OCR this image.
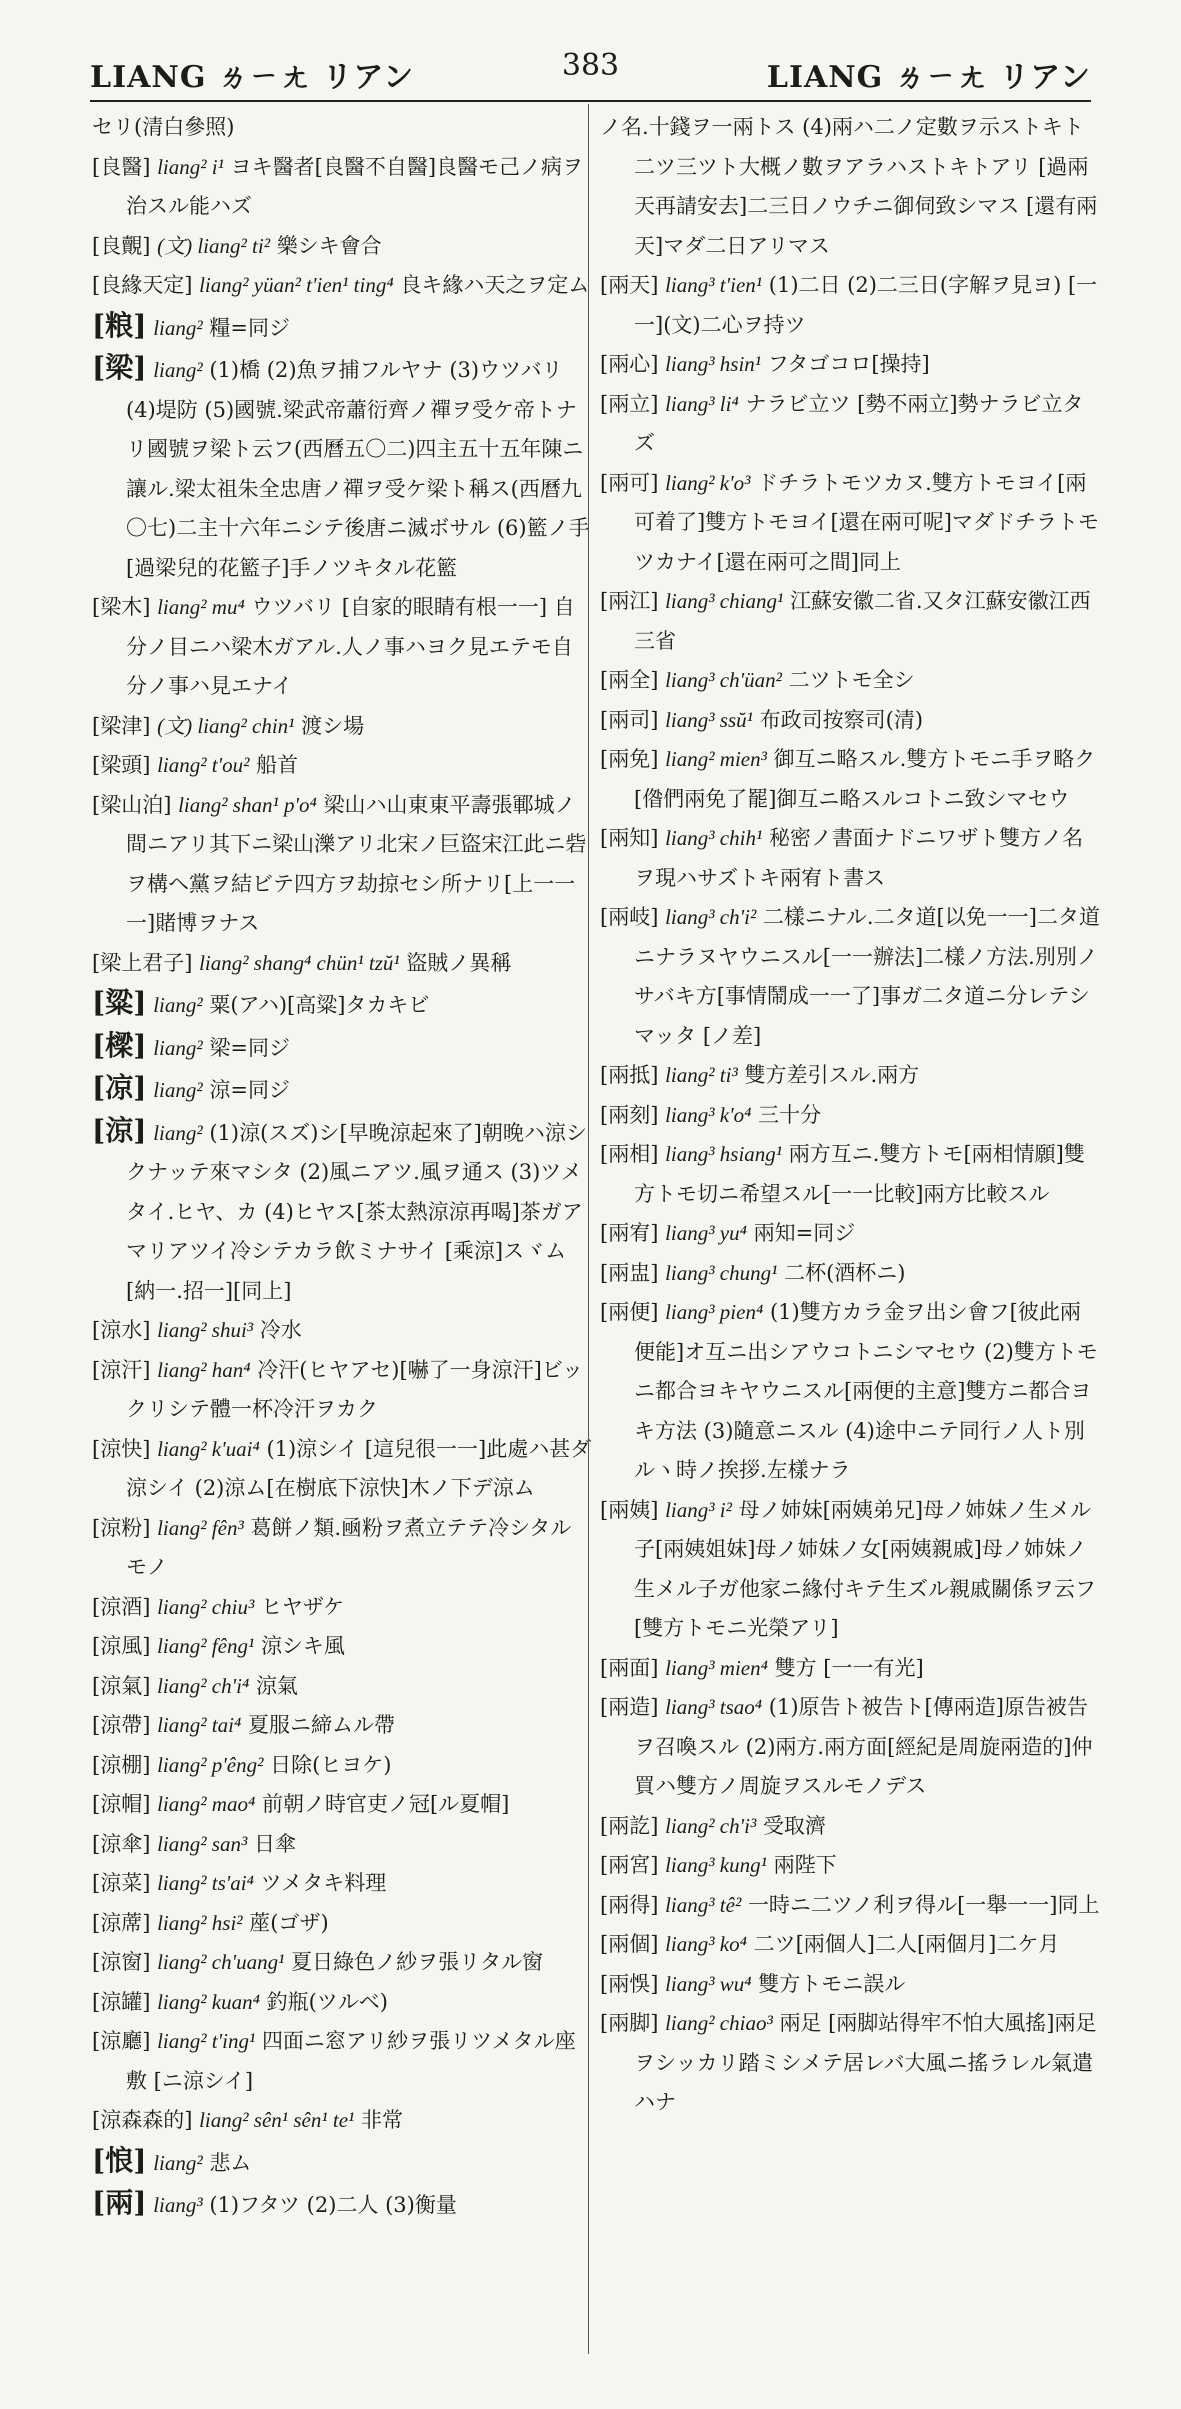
LIANG ㄌㄧㄤ リアン	383	LIANG ㄌㄧㄤ リアン

セリ(清白參照)

[良醫] liang² i¹ ヨキ醫者[良醫不自醫]良醫モ己ノ病ヲ治スル能ハズ

[良覿] (文) liang² ti² 樂シキ會合

[良緣天定] liang² yüan² t'ien¹ ting⁴ 良キ緣ハ天之ヲ定ム

[粮] liang² 糧=同ジ

[梁] liang² (1)橋 (2)魚ヲ捕フルヤナ (3)ウツバリ (4)堤防 (5)國號.梁武帝蕭衍齊ノ禪ヲ受ケ帝トナリ國號ヲ梁ト云フ(西曆五〇二)四主五十五年陳ニ讓ル.梁太祖朱全忠唐ノ禪ヲ受ケ梁ト稱ス(西曆九〇七)二主十六年ニシテ後唐ニ滅ボサル (6)籃ノ手[過梁兒的花籃子]手ノツキタル花籃

[梁木] liang² mu⁴ ウツバリ [自家的眼睛有根一一] 自分ノ目ニハ梁木ガアル.人ノ事ハヨク見エテモ自分ノ事ハ見エナイ

[梁津] (文) liang² chin¹ 渡シ場

[梁頭] liang² t'ou² 船首

[梁山泊] liang² shan¹ p'o⁴ 梁山ハ山東東平壽張鄆城ノ間ニアリ其下ニ梁山濼アリ北宋ノ巨盜宋江此ニ砦ヲ構ヘ黨ヲ結ビテ四方ヲ劫掠セシ所ナリ[上一一一]賭博ヲナス

[梁上君子] liang² shang⁴ chün¹ tzŭ¹ 盜賊ノ異稱

[粱] liang² 粟(アハ)[高粱]タカキビ

[樑] liang² 梁=同ジ

[凉] liang² 涼=同ジ

[涼] liang² (1)涼(スズ)シ[早晚涼起來了]朝晚ハ涼シクナッテ來マシタ (2)風ニアツ.風ヲ通ス (3)ツメタイ.ヒヤ、カ (4)ヒヤス[茶太熱涼涼再喝]茶ガアマリアツイ冷シテカラ飲ミナサイ [乘涼]スヾム [納一.招一][同上]

[涼水] liang² shui³ 冷水

[涼汗] liang² han⁴ 冷汗(ヒヤアセ)[嚇了一身涼汗]ビックリシテ體一杯冷汗ヲカク

[涼快] liang² k'uai⁴ (1)涼シイ [這兒很一一]此處ハ甚ダ涼シイ (2)涼ム[在樹底下涼快]木ノ下デ涼ム

[涼粉] liang² fên³ 葛餅ノ類.凾粉ヲ煮立テテ冷シタルモノ

[涼酒] liang² chiu³ ヒヤザケ

[涼風] liang² fêng¹ 涼シキ風

[涼氣] liang² ch'i⁴ 涼氣

[涼帶] liang² tai⁴ 夏服ニ締ムル帶

[涼棚] liang² p'êng² 日除(ヒヨケ)

[涼帽] liang² mao⁴ 前朝ノ時官吏ノ冠[ル夏帽]

[涼傘] liang² san³ 日傘

[涼菜] liang² ts'ai⁴ ツメタキ料理

[涼蓆] liang² hsi² 蓙(ゴザ)

[涼窗] liang² ch'uang¹ 夏日綠色ノ紗ヲ張リタル窗

[涼罐] liang² kuan⁴ 釣瓶(ツルベ)

[涼廳] liang² t'ing¹ 四面ニ窓アリ紗ヲ張リツメタル座敷 [ニ涼シイ]

[涼森森的] liang² sên¹ sên¹ te¹ 非常

[悢] liang² 悲ム

[兩] liang³ (1)フタツ (2)二人 (3)衡量

ノ名.十錢ヲ一兩トス (4)兩ハ二ノ定數ヲ示ストキト二ツ三ツト大概ノ數ヲアラハストキトアリ [過兩天再請安去]二三日ノウチニ御伺致シマス [還有兩天]マダ二日アリマス

[兩天] liang³ t'ien¹ (1)二日 (2)二三日(字解ヲ見ヨ) [一一](文)二心ヲ持ツ

[兩心] liang³ hsin¹ フタゴコロ[操持]

[兩立] liang³ li⁴ ナラビ立ツ [勢不兩立]勢ナラビ立タズ

[兩可] liang² k'o³ ドチラトモツカヌ.雙方トモヨイ[兩可着了]雙方トモヨイ[還在兩可呢]マダドチラトモツカナイ[還在兩可之間]同上

[兩江] liang³ chiang¹ 江蘇安徽二省.又タ江蘇安徽江西三省

[兩全] liang³ ch'üan² 二ツトモ全シ

[兩司] liang³ ssŭ¹ 布政司按察司(清)

[兩免] liang² mien³ 御互ニ略スル.雙方トモニ手ヲ略ク[偺們兩免了罷]御互ニ略スルコトニ致シマセウ

[兩知] liang³ chih¹ 秘密ノ書面ナドニワザト雙方ノ名ヲ現ハサズトキ兩宥ト書ス

[兩岐] liang³ ch'i² 二樣ニナル.二タ道[以免一一]二タ道ニナラヌヤウニスル[一一辦法]二樣ノ方法.別別ノサバキ方[事情鬧成一一了]事ガ二タ道ニ分レテシマッタ [ノ差]

[兩抵] liang² ti³ 雙方差引スル.兩方

[兩刻] liang³ k'o⁴ 三十分

[兩相] liang³ hsiang¹ 兩方互ニ.雙方トモ[兩相情願]雙方トモ切ニ希望スル[一一比較]兩方比較スル

[兩宥] liang³ yu⁴ 兩知=同ジ

[兩盅] liang³ chung¹ 二杯(酒杯ニ)

[兩便] liang³ pien⁴ (1)雙方カラ金ヲ出シ會フ[彼此兩便能]オ互ニ出シアウコトニシマセウ (2)雙方トモニ都合ヨキヤウニスル[兩便的主意]雙方ニ都合ヨキ方法 (3)隨意ニスル (4)途中ニテ同行ノ人ト別ルヽ時ノ挨拶.左樣ナラ

[兩姨] liang³ i² 母ノ姉妹[兩姨弟兄]母ノ姉妹ノ生メル子[兩姨姐妹]母ノ姉妹ノ女[兩姨親戚]母ノ姉妹ノ生メル子ガ他家ニ緣付キテ生ズル親戚關係ヲ云フ [雙方トモニ光榮アリ]

[兩面] liang³ mien⁴ 雙方 [一一有光]

[兩造] liang³ tsao⁴ (1)原告ト被告ト[傳兩造]原告被告ヲ召喚スル (2)兩方.兩方面[經紀是周旋兩造的]仲買ハ雙方ノ周旋ヲスルモノデス

[兩訖] liang² ch'i³ 受取濟

[兩宮] liang³ kung¹ 兩陛下

[兩得] liang³ tê² 一時ニ二ツノ利ヲ得ル[一舉一一]同上

[兩個] liang³ ko⁴ 二ツ[兩個人]二人[兩個月]二ケ月

[兩悞] liang³ wu⁴ 雙方トモニ誤ル

[兩脚] liang² chiao³ 兩足 [兩脚站得牢不怕大風搖]兩足ヲシッカリ踏ミシメテ居レバ大風ニ搖ラレル氣遣ハナ
